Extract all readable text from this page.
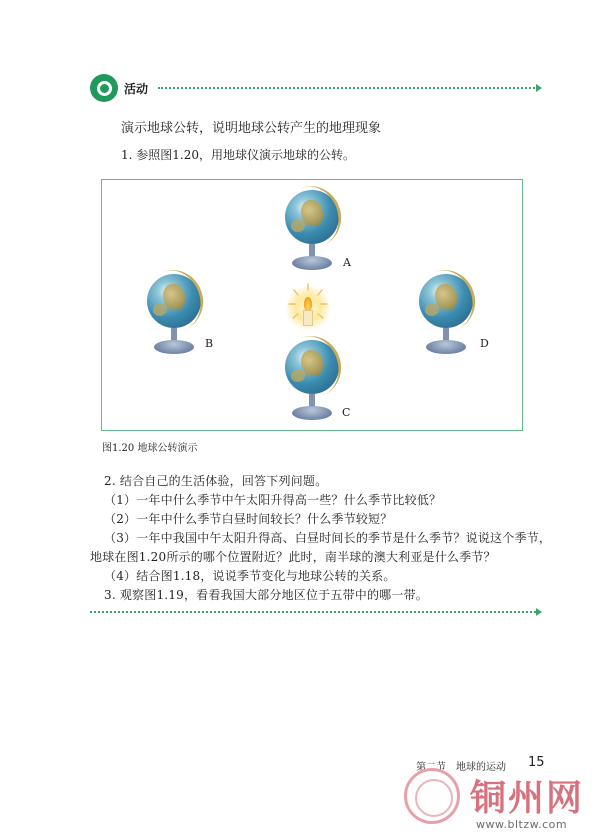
活动
演示地球公转，说明地球公转产生的地理现象
1. 参照图1.20，用地球仪演示地球的公转。
A
B
C
D
图1.20 地球公转演示
2. 结合自己的生活体验，回答下列问题。
（1）一年中什么季节中午太阳升得高一些？什么季节比较低？
（2）一年中什么季节白昼时间较长？什么季节较短？
（3）一年中我国中午太阳升得高、白昼时间长的季节是什么季节？说说这个季节，
地球在图1.20所示的哪个位置附近？此时，南半球的澳大利亚是什么季节？
（4）结合图1.18，说说季节变化与地球公转的关系。
3. 观察图1.19，看看我国大部分地区位于五带中的哪一带。
第二节　地球的运动 15
铜州网
www.bltzw.com
